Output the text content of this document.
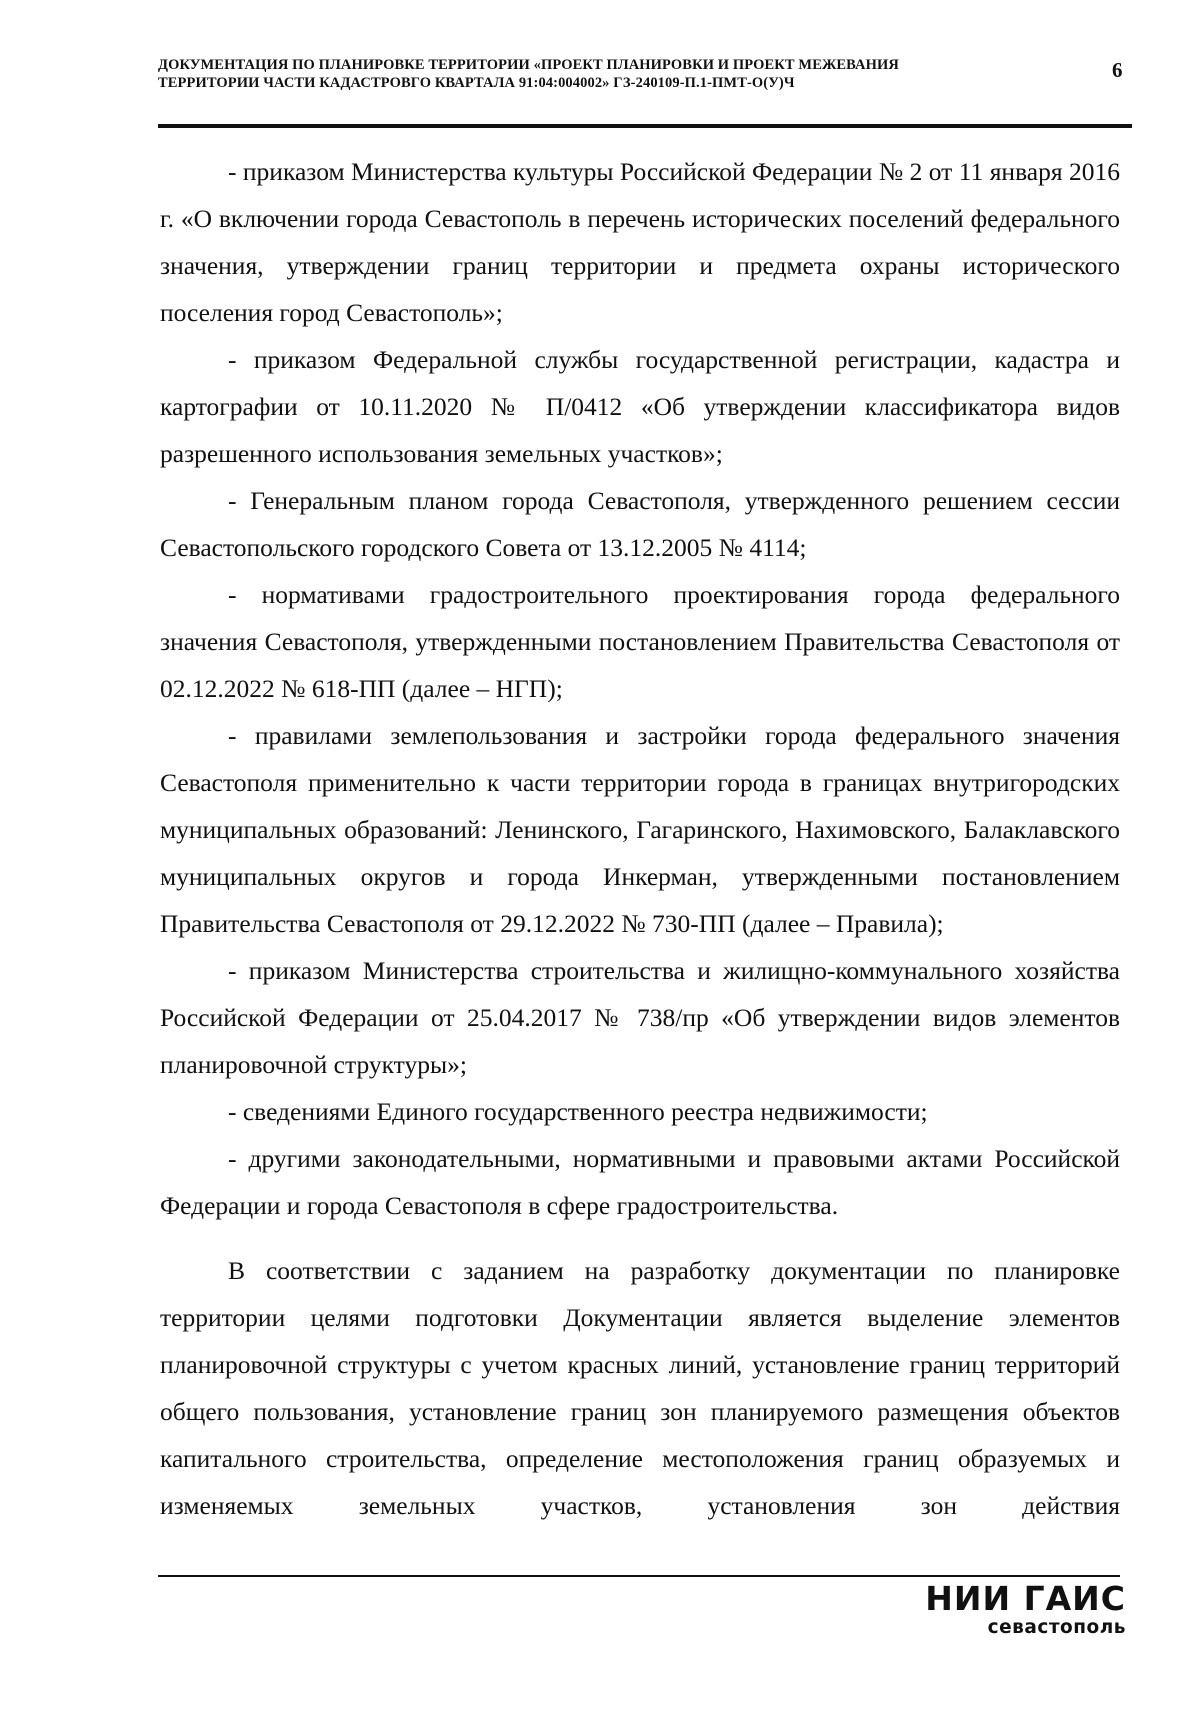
ДОКУМЕНТАЦИЯ ПО ПЛАНИРОВКЕ ТЕРРИТОРИИ «ПРОЕКТ ПЛАНИРОВКИ И ПРОЕКТ МЕЖЕВАНИЯ
ТЕРРИТОРИИ ЧАСТИ КАДАСТРОВГО КВАРТАЛА 91:04:004002» ГЗ-240109-П.1-ПМТ-О(У)Ч
6

- приказом Министерства культуры Российской Федерации № 2 от 11 января 2016 г. «О включении города Севастополь в перечень исторических поселений федерального значения, утверждении границ территории и предмета охраны исторического поселения город Севастополь»;

- приказом Федеральной службы государственной регистрации, кадастра и картографии от 10.11.2020 № П/0412 «Об утверждении классификатора видов разрешенного использования земельных участков»;

- Генеральным планом города Севастополя, утвержденного решением сессии Севастопольского городского Совета от 13.12.2005 № 4114;

- нормативами градостроительного проектирования города федерального значения Севастополя, утвержденными постановлением Правительства Севастополя от 02.12.2022 № 618-ПП (далее – НГП);

- правилами землепользования и застройки города федерального значения Севастополя применительно к части территории города в границах внутригородских муниципальных образований: Ленинского, Гагаринского, Нахимовского, Балаклавского муниципальных округов и города Инкерман, утвержденными постановлением Правительства Севастополя от 29.12.2022 № 730-ПП (далее – Правила);

- приказом Министерства строительства и жилищно-коммунального хозяйства Российской Федерации от 25.04.2017 № 738/пр «Об утверждении видов элементов планировочной структуры»;

- сведениями Единого государственного реестра недвижимости;

- другими законодательными, нормативными и правовыми актами Российской Федерации и города Севастополя в сфере градостроительства.

В соответствии с заданием на разработку документации по планировке территории целями подготовки Документации является выделение элементов планировочной структуры с учетом красных линий, установление границ территорий общего пользования, установление границ зон планируемого размещения объектов капитального строительства, определение местоположения границ образуемых и изменяемых земельных участков, установления зон действия

НИИ ГАИС
севастополь
